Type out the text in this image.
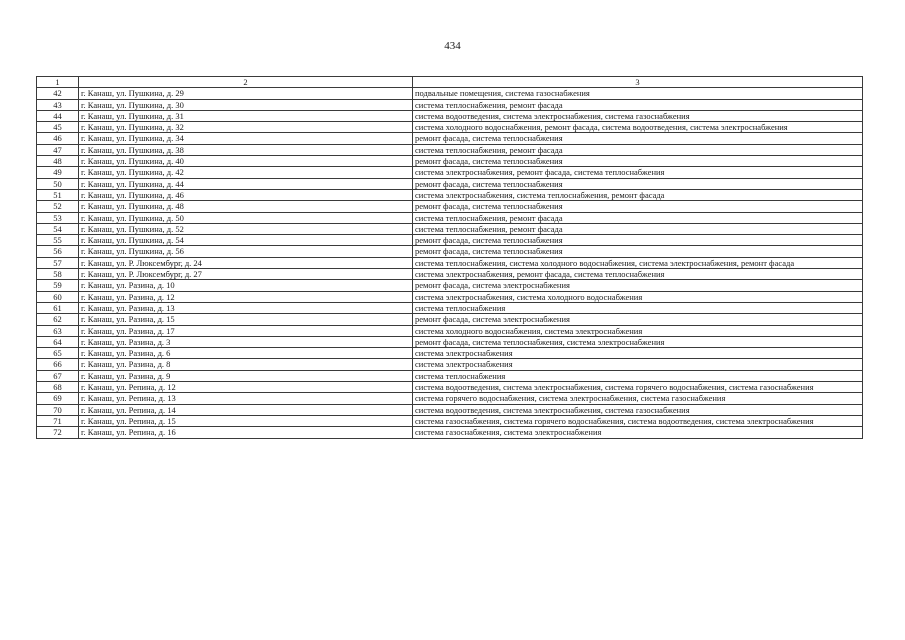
434
1	2	3
42	г. Канаш, ул. Пушкина, д. 29	подвальные помещения, система газоснабжения
43	г. Канаш, ул. Пушкина, д. 30	система теплоснабжения, ремонт фасада
44	г. Канаш, ул. Пушкина, д. 31	система водоотведения, система электроснабжения, система газоснабжения
45	г. Канаш, ул. Пушкина, д. 32	система холодного водоснабжения, ремонт фасада, система водоотведения, система электроснабжения
46	г. Канаш, ул. Пушкина, д. 34	ремонт фасада, система теплоснабжения
47	г. Канаш, ул. Пушкина, д. 38	система теплоснабжения, ремонт фасада
48	г. Канаш, ул. Пушкина, д. 40	ремонт фасада, система теплоснабжения
49	г. Канаш, ул. Пушкина, д. 42	система электроснабжения, ремонт фасада, система теплоснабжения
50	г. Канаш, ул. Пушкина, д. 44	ремонт фасада, система теплоснабжения
51	г. Канаш, ул. Пушкина, д. 46	система электроснабжения, система теплоснабжения, ремонт фасада
52	г. Канаш, ул. Пушкина, д. 48	ремонт фасада, система теплоснабжения
53	г. Канаш, ул. Пушкина, д. 50	система теплоснабжения, ремонт фасада
54	г. Канаш, ул. Пушкина, д. 52	система теплоснабжения, ремонт фасада
55	г. Канаш, ул. Пушкина, д. 54	ремонт фасада, система теплоснабжения
56	г. Канаш, ул. Пушкина, д. 56	ремонт фасада, система теплоснабжения
57	г. Канаш, ул. Р. Люксембург, д. 24	система теплоснабжения, система холодного водоснабжения, система электроснабжения, ремонт фасада
58	г. Канаш, ул. Р. Люксембург, д. 27	система электроснабжения, ремонт фасада, система теплоснабжения
59	г. Канаш, ул. Разина, д. 10	ремонт фасада, система электроснабжения
60	г. Канаш, ул. Разина, д. 12	система электроснабжения, система холодного водоснабжения
61	г. Канаш, ул. Разина, д. 13	система теплоснабжения
62	г. Канаш, ул. Разина, д. 15	ремонт фасада, система электроснабжения
63	г. Канаш, ул. Разина, д. 17	система холодного водоснабжения, система электроснабжения
64	г. Канаш, ул. Разина, д. 3	ремонт фасада, система теплоснабжения, система электроснабжения
65	г. Канаш, ул. Разина, д. 6	система электроснабжения
66	г. Канаш, ул. Разина, д. 8	система электроснабжения
67	г. Канаш, ул. Разина, д. 9	система теплоснабжения
68	г. Канаш, ул. Репина, д. 12	система водоотведения, система электроснабжения, система горячего водоснабжения, система газоснабжения
69	г. Канаш, ул. Репина, д. 13	система горячего водоснабжения, система электроснабжения, система газоснабжения
70	г. Канаш, ул. Репина, д. 14	система водоотведения, система электроснабжения, система газоснабжения
71	г. Канаш, ул. Репина, д. 15	система газоснабжения, система горячего водоснабжения, система водоотведения, система электроснабжения
72	г. Канаш, ул. Репина, д. 16	система газоснабжения, система электроснабжения
